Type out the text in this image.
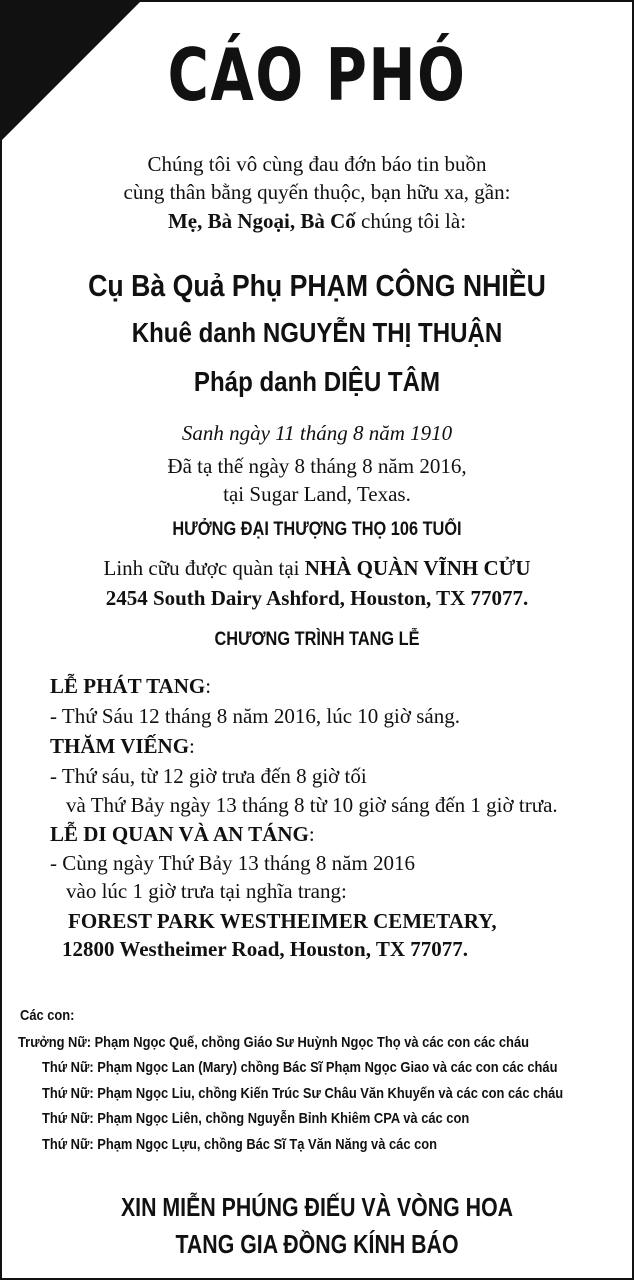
CÁO PHÓ
Chúng tôi vô cùng đau đớn báo tin buồn
cùng thân bằng quyến thuộc, bạn hữu xa, gần:
Mẹ, Bà Ngoại, Bà Cố chúng tôi là:
Cụ Bà Quả Phụ PHẠM CÔNG NHIỀU
Khuê danh NGUYỄN THỊ THUẬN
Pháp danh DIỆU TÂM
Sanh ngày 11 tháng 8 năm 1910
Đã tạ thế ngày 8 tháng 8 năm 2016,
tại Sugar Land, Texas.
HƯỞNG ĐẠI THƯỢNG THỌ 106 TUỔI
Linh cữu được quàn tại NHÀ QUÀN VĨNH CỬU
2454 South Dairy Ashford, Houston, TX 77077.
CHƯƠNG TRÌNH TANG LỄ
LỄ PHÁT TANG:
- Thứ Sáu 12 tháng 8 năm 2016, lúc 10 giờ sáng.
THĂM VIẾNG:
- Thứ sáu, từ 12 giờ trưa đến 8 giờ tối
và Thứ Bảy ngày 13 tháng 8 từ 10 giờ sáng đến 1 giờ trưa.
LỄ DI QUAN VÀ AN TÁNG:
- Cùng ngày Thứ Bảy 13 tháng 8 năm 2016
vào lúc 1 giờ trưa tại nghĩa trang:
FOREST PARK WESTHEIMER CEMETARY,
12800 Westheimer Road, Houston, TX 77077.
Các con:
Trưởng Nữ: Phạm Ngọc Quế, chồng Giáo Sư Huỳnh Ngọc Thọ và các con các cháu
Thứ Nữ: Phạm Ngọc Lan (Mary) chồng Bác Sĩ Phạm Ngọc Giao và các con các cháu
Thứ Nữ: Phạm Ngọc Liu, chồng Kiến Trúc Sư Châu Văn Khuyến và các con các cháu
Thứ Nữ: Phạm Ngọc Liên, chồng Nguyễn Bỉnh Khiêm CPA và các con
Thứ Nữ: Phạm Ngọc Lựu, chồng Bác Sĩ Tạ Văn Năng và các con
XIN MIỄN PHÚNG ĐIẾU VÀ VÒNG HOA
TANG GIA ĐỒNG KÍNH BÁO
